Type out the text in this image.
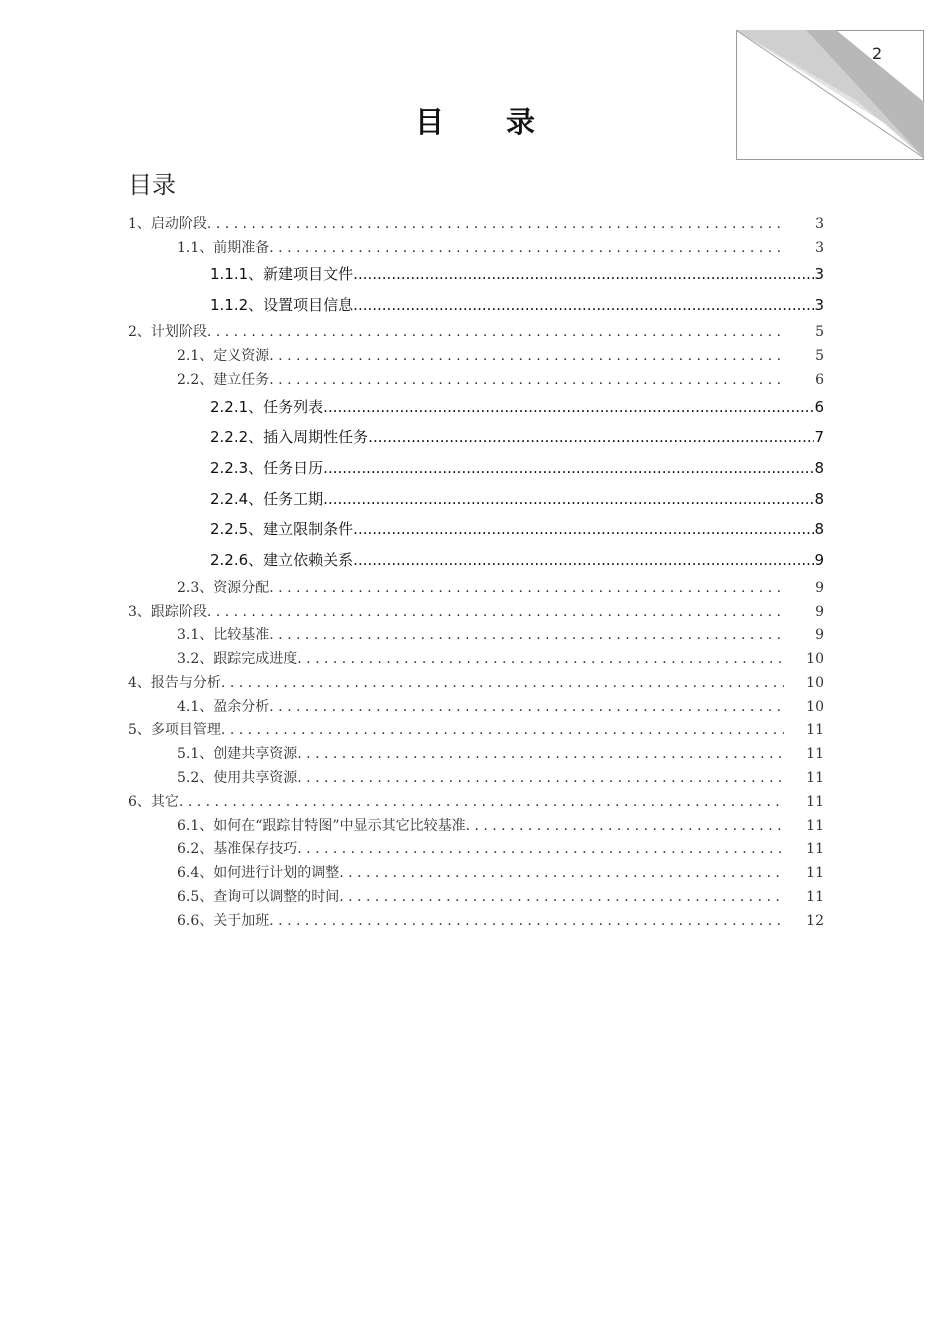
2
目 录
目录
1、启动阶段 . . .	3
1.1、前期准备 . . .	3
1.1.1、新建项目文件 .....	3
1.1.2、设置项目信息 .....	3
2、计划阶段 . . .	5
2.1、定义资源 . . .	5
2.2、建立任务 . . .	6
2.2.1、任务列表 .....	6
2.2.2、插入周期性任务 .....	7
2.2.3、任务日历 .....	8
2.2.4、任务工期 .....	8
2.2.5、建立限制条件 .....	8
2.2.6、建立依赖关系 .....	9
2.3、资源分配 . . .	9
3、跟踪阶段 . . .	9
3.1、比较基准 . . .	9
3.2、跟踪完成进度 . . .	10
4、报告与分析 . . .	10
4.1、盈余分析 . . .	10
5、多项目管理 . . .	11
5.1、创建共享资源 . . .	11
5.2、使用共享资源 . . .	11
6、其它 . . .	11
6.1、如何在“跟踪甘特图”中显示其它比较基准 . . .	11
6.2、基准保存技巧 . . .	11
6.4、如何进行计划的调整 . . .	11
6.5、查询可以调整的时间 . . .	11
6.6、关于加班 . . .	12
